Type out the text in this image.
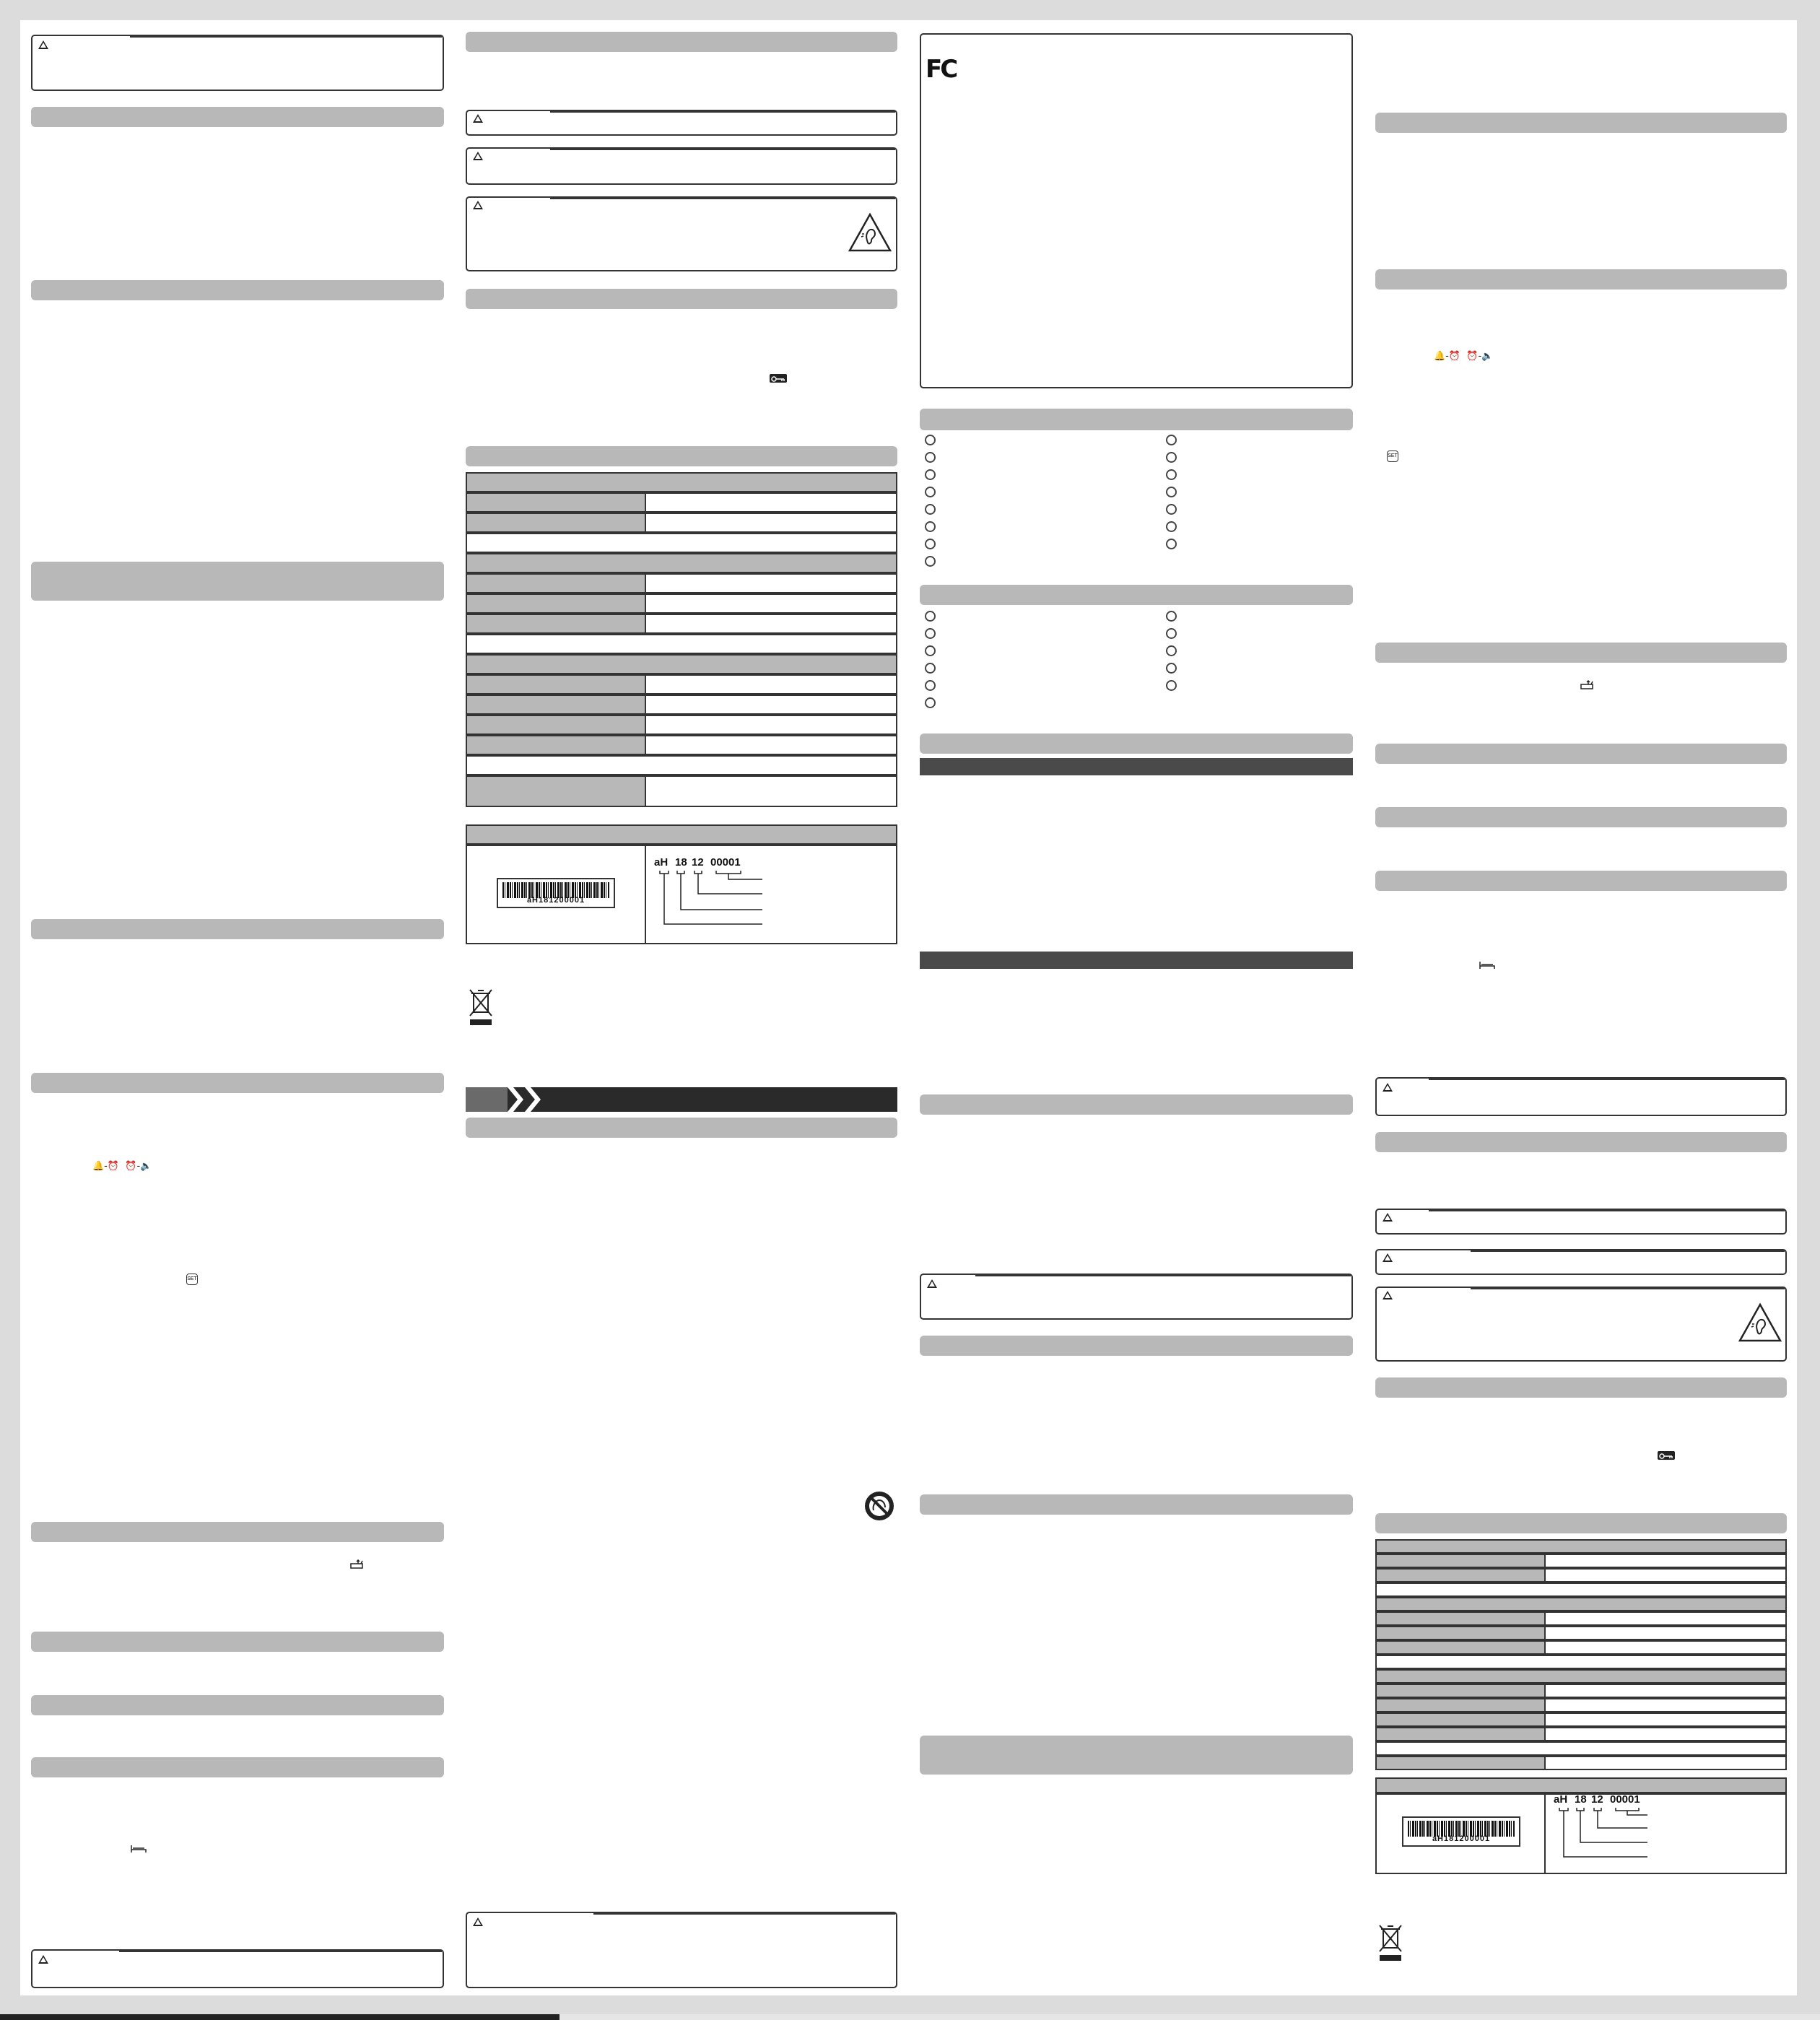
🔔-⏰  ⏰-🔈
SET
aH181200001
aH 18 12 00001
FC
🔔-⏰  ⏰-🔈
SET
aH181200001
aH 18 12 00001
